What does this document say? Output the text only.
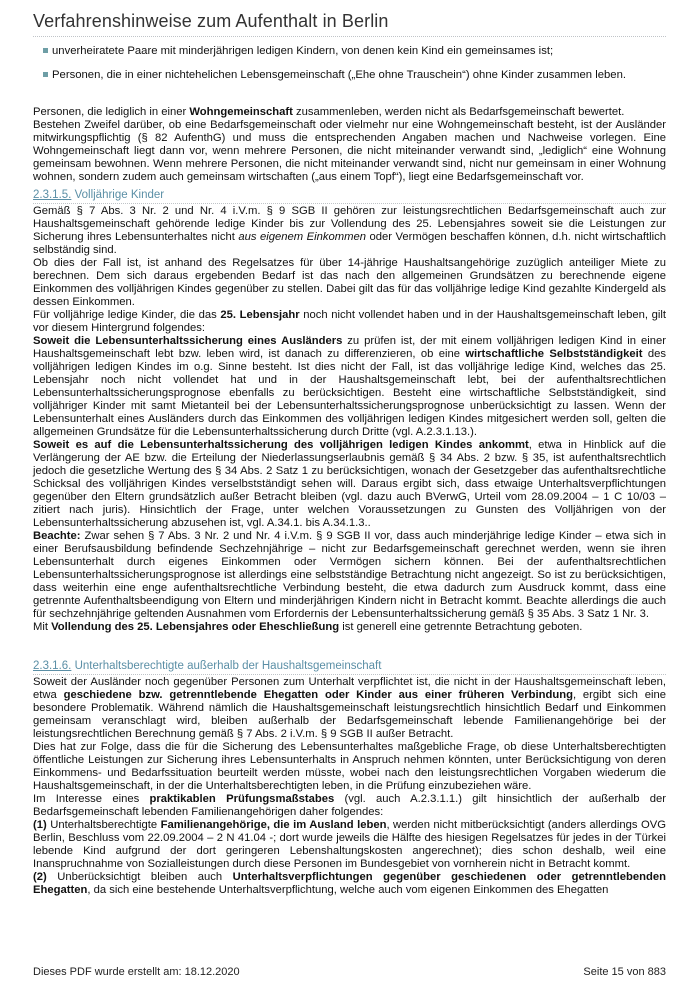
Verfahrenshinweise zum Aufenthalt in Berlin
unverheiratete Paare mit minderjährigen ledigen Kindern, von denen kein Kind ein gemeinsames ist;
Personen, die in einer nichtehelichen Lebensgemeinschaft („Ehe ohne Trauschein“) ohne Kinder zusammen leben.

Personen, die lediglich in einer Wohngemeinschaft zusammenleben, werden nicht als Bedarfsgemeinschaft bewertet.

Bestehen Zweifel darüber, ob eine Bedarfsgemeinschaft oder vielmehr nur eine Wohngemeinschaft besteht, ist der Ausländer mitwirkungspflichtig (§ 82 AufenthG) und muss die entsprechenden Angaben machen und Nachweise vorlegen. Eine Wohngemeinschaft liegt dann vor, wenn mehrere Personen, die nicht miteinander verwandt sind, „lediglich“ eine Wohnung gemeinsam bewohnen. Wenn mehrere Personen, die nicht miteinander verwandt sind, nicht nur gemeinsam in einer Wohnung wohnen, sondern zudem auch gemeinsam wirtschaften („aus einem Topf“), liegt eine Bedarfsgemeinschaft vor.

2.3.1.5. Volljährige Kinder

Gemäß § 7 Abs. 3 Nr. 2 und Nr. 4 i.V.m. § 9 SGB II gehören zur leistungsrechtlichen Bedarfsgemeinschaft auch zur Haushaltsgemeinschaft gehörende ledige Kinder bis zur Vollendung des 25. Lebensjahres soweit sie die Leistungen zur Sicherung ihres Lebensunterhaltes nicht aus eigenem Einkommen oder Vermögen beschaffen können, d.h. nicht wirtschaftlich selbständig sind.

Ob dies der Fall ist, ist anhand des Regelsatzes für über 14-jährige Haushaltsangehörige zuzüglich anteiliger Miete zu berechnen. Dem sich daraus ergebenden Bedarf ist das nach den allgemeinen Grundsätzen zu berechnende eigene Einkommen des volljährigen Kindes gegenüber zu stellen. Dabei gilt das für das volljährige ledige Kind gezahlte Kindergeld als dessen Einkommen.

Für volljährige ledige Kinder, die das 25. Lebensjahr noch nicht vollendet haben und in der Haushaltsgemeinschaft leben, gilt vor diesem Hintergrund folgendes:

Soweit die Lebensunterhaltssicherung eines Ausländers zu prüfen ist, der mit einem volljährigen ledigen Kind in einer Haushaltsgemeinschaft lebt bzw. leben wird, ist danach zu differenzieren, ob eine wirtschaftliche Selbstständigkeit des volljährigen ledigen Kindes im o.g. Sinne besteht. Ist dies nicht der Fall, ist das volljährige ledige Kind, welches das 25. Lebensjahr noch nicht vollendet hat und in der Haushaltsgemeinschaft lebt, bei der aufenthaltsrechtlichen Lebensunterhaltssicherungsprognose ebenfalls zu berücksichtigen. Besteht eine wirtschaftliche Selbstständigkeit, sind volljähriger Kinder mit samt Mietanteil bei der Lebensunterhaltssicherungsprognose unberücksichtigt zu lassen. Wenn der Lebensunterhalt eines Ausländers durch das Einkommen des volljährigen ledigen Kindes mitgesichert werden soll, gelten die allgemeinen Grundsätze für die Lebensunterhaltssicherung durch Dritte (vgl. A.2.3.1.13.).

Soweit es auf die Lebensunterhaltssicherung des volljährigen ledigen Kindes ankommt, etwa in Hinblick auf die Verlängerung der AE bzw. die Erteilung der Niederlassungserlaubnis gemäß § 34 Abs. 2 bzw. § 35, ist aufenthaltsrechtlich jedoch die gesetzliche Wertung des § 34 Abs. 2 Satz 1 zu berücksichtigen, wonach der Gesetzgeber das aufenthaltsrechtliche Schicksal des volljährigen Kindes verselbstständigt sehen will. Daraus ergibt sich, dass etwaige Unterhaltsverpflichtungen gegenüber den Eltern grundsätzlich außer Betracht bleiben (vgl. dazu auch BVerwG, Urteil vom 28.09.2004 – 1 C 10/03 – zitiert nach juris). Hinsichtlich der Frage, unter welchen Voraussetzungen zu Gunsten des Volljährigen von der Lebensunterhaltssicherung abzusehen ist, vgl. A.34.1. bis A.34.1.3..

Beachte: Zwar sehen § 7 Abs. 3 Nr. 2 und Nr. 4 i.V.m. § 9 SGB II vor, dass auch minderjährige ledige Kinder – etwa sich in einer Berufsausbildung befindende Sechzehnjährige – nicht zur Bedarfsgemeinschaft gerechnet werden, wenn sie ihren Lebensunterhalt durch eigenes Einkommen oder Vermögen sichern können. Bei der aufenthaltsrechtlichen Lebensunterhaltssicherungsprognose ist allerdings eine selbstständige Betrachtung nicht angezeigt. So ist zu berücksichtigen, dass weiterhin eine enge aufenthaltsrechtliche Verbindung besteht, die etwa dadurch zum Ausdruck kommt, dass eine getrennte Aufenthaltsbeendigung von Eltern und minderjährigen Kindern nicht in Betracht kommt. Beachte allerdings die auch für sechzehnjährige geltenden Ausnahmen vom Erfordernis der Lebensunterhaltssicherung gemäß § 35 Abs. 3 Satz 1 Nr. 3.

Mit Vollendung des 25. Lebensjahres oder Eheschließung ist generell eine getrennte Betrachtung geboten.

2.3.1.6. Unterhaltsberechtigte außerhalb der Haushaltsgemeinschaft

Soweit der Ausländer noch gegenüber Personen zum Unterhalt verpflichtet ist, die nicht in der Haushaltsgemeinschaft leben, etwa geschiedene bzw. getrenntlebende Ehegatten oder Kinder aus einer früheren Verbindung, ergibt sich eine besondere Problematik. Während nämlich die Haushaltsgemeinschaft leistungsrechtlich hinsichtlich Bedarf und Einkommen gemeinsam veranschlagt wird, bleiben außerhalb der Bedarfsgemeinschaft lebende Familienangehörige bei der leistungsrechtlichen Berechnung gemäß § 7 Abs. 2 i.V.m. § 9 SGB II außer Betracht.

Dies hat zur Folge, dass die für die Sicherung des Lebensunterhaltes maßgebliche Frage, ob diese Unterhaltsberechtigten öffentliche Leistungen zur Sicherung ihres Lebensunterhalts in Anspruch nehmen könnten, unter Berücksichtigung von deren Einkommens- und Bedarfssituation beurteilt werden müsste, wobei nach den leistungsrechtlichen Vorgaben wiederum die Haushaltsgemeinschaft, in der die Unterhaltsberechtigten leben, in die Prüfung einzubeziehen wäre.

Im Interesse eines praktikablen Prüfungsmaßstabes (vgl. auch A.2.3.1.1.) gilt hinsichtlich der außerhalb der Bedarfsgemeinschaft lebenden Familienangehörigen daher folgendes:

(1) Unterhaltsberechtigte Familienangehörige, die im Ausland leben, werden nicht mitberücksichtigt (anders allerdings OVG Berlin, Beschluss vom 22.09.2004 – 2 N 41.04 -; dort wurde jeweils die Hälfte des hiesigen Regelsatzes für jedes in der Türkei lebende Kind aufgrund der dort geringeren Lebenshaltungskosten angerechnet); dies schon deshalb, weil eine Inanspruchnahme von Sozialleistungen durch diese Personen im Bundesgebiet von vornherein nicht in Betracht kommt.

(2) Unberücksichtigt bleiben auch Unterhaltsverpflichtungen gegenüber geschiedenen oder getrenntlebenden Ehegatten, da sich eine bestehende Unterhaltsverpflichtung, welche auch vom eigenen Einkommen des Ehegatten

Dieses PDF wurde erstellt am: 18.12.2020	Seite 15 von 883
